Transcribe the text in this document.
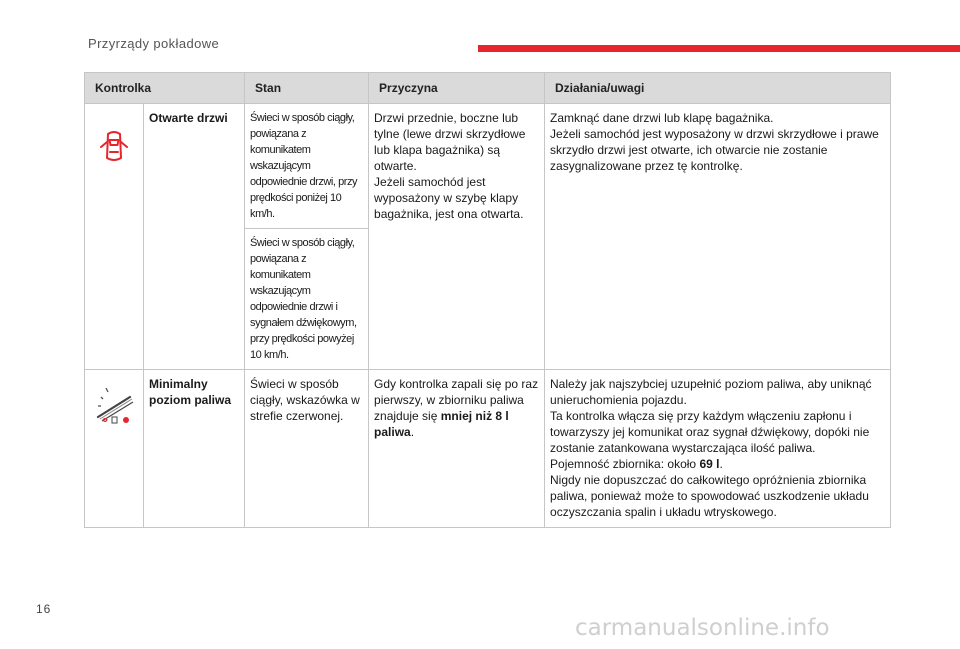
Przyrządy pokładowe
Kontrolka		Stan	Przyczyna	Działania/uwagi
	Otwarte drzwi	Świeci w sposób ciągły, powiązana z komunikatem wskazującym odpowiednie drzwi, przy prędkości poniżej 10 km/h.	Drzwi przednie, boczne lub tylne (lewe drzwi skrzydłowe lub klapa bagażnika) są otwarte.
Jeżeli samochód jest wyposażony w szybę klapy bagażnika, jest ona otwarta.	Zamknąć dane drzwi lub klapę bagażnika.
Jeżeli samochód jest wyposażony w drzwi skrzydłowe i prawe skrzydło drzwi jest otwarte, ich otwarcie nie zostanie zasygnalizowane przez tę kontrolkę.

		Świeci w sposób ciągły, powiązana z komunikatem wskazującym odpowiednie drzwi i sygnałem dźwiękowym, przy prędkości powyżej 10 km/h.		
	Minimalny poziom paliwa	Świeci w sposób ciągły, wskazówka w strefie czerwonej.	Gdy kontrolka zapali się po raz pierwszy, w zbiorniku paliwa znajduje się mniej niż 8 l paliwa.	Należy jak najszybciej uzupełnić poziom paliwa, aby uniknąć unieruchomienia pojazdu.
Ta kontrolka włącza się przy każdym włączeniu zapłonu i towarzyszy jej komunikat oraz sygnał dźwiękowy, dopóki nie zostanie zatankowana wystarczająca ilość paliwa.
Pojemność zbiornika: około 69 l.
Nigdy nie dopuszczać do całkowitego opróżnienia zbiornika paliwa, ponieważ może to spowodować uszkodzenie układu oczyszczania spalin i układu wtryskowego.
16
carmanualsonline.info
